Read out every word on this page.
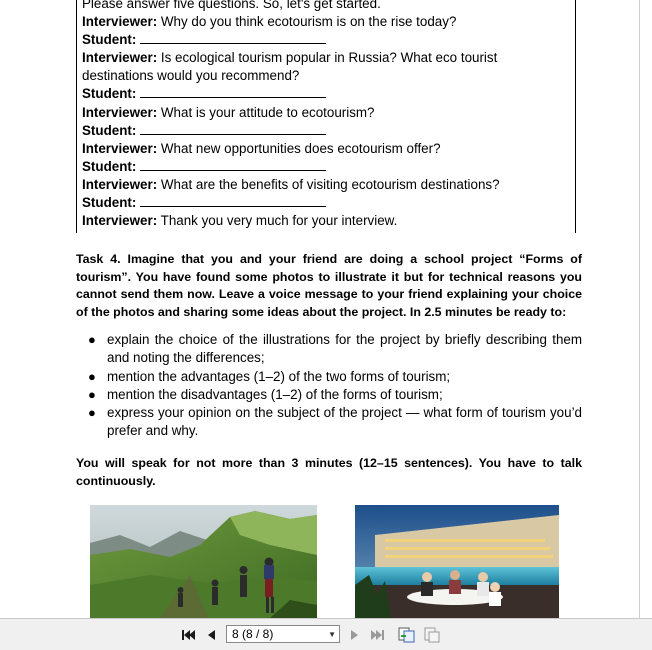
Please answer five questions. So, let's get started.
Interviewer: Why do you think ecotourism is on the rise today?
Student:
Interviewer: Is ecological tourism popular in Russia? What eco tourist
destinations would you recommend?
Student:
Interviewer: What is your attitude to ecotourism?
Student:
Interviewer: What new opportunities does ecotourism offer?
Student:
Interviewer: What are the benefits of visiting ecotourism destinations?
Student:
Interviewer: Thank you very much for your interview.
Task 4. Imagine that you and your friend are doing a school project “Forms of tourism”. You have found some photos to illustrate it but for technical reasons you cannot send them now. Leave a voice message to your friend explaining your choice of the photos and sharing some ideas about the project. In 2.5 minutes be ready to:
● explain the choice of the illustrations for the project by briefly describing them and noting the differences;
● mention the advantages (1–2) of the two forms of tourism;
● mention the disadvantages (1–2) of the forms of tourism;
● express your opinion on the subject of the project — what form of tourism you’d prefer and why.
You will speak for not more than 3 minutes (12–15 sentences). You have to talk continuously.
8 (8 / 8)	▼
